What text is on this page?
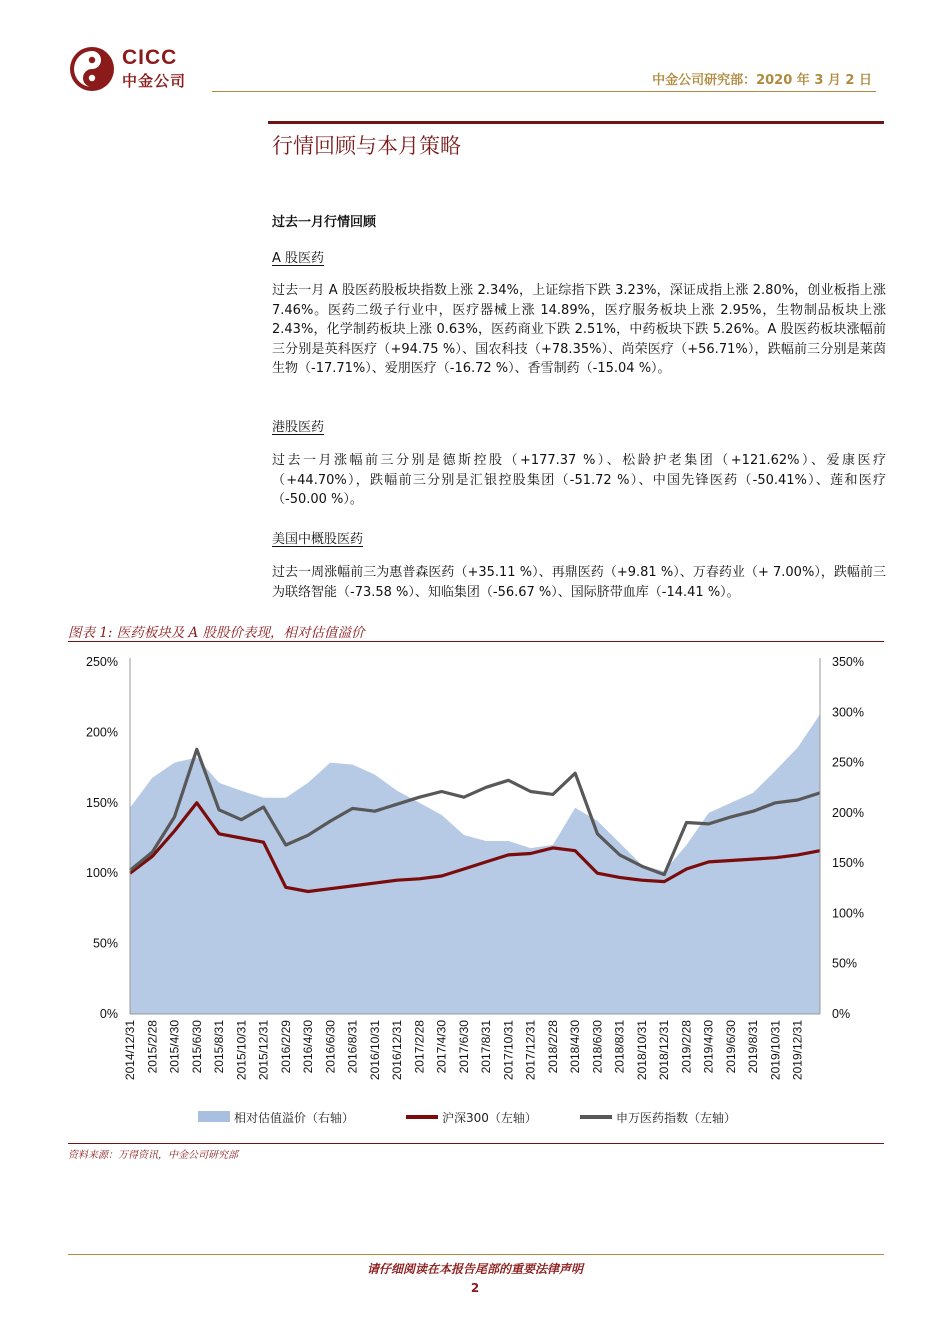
CICC
中金公司	中金公司研究部：2020 年 3 月 2 日
行情回顾与本月策略
过去一月行情回顾
A 股医药
过去一月 A 股医药股板块指数上涨 2.34%，上证综指下跌 3.23%，深证成指上涨 2.80%，创业板指上涨 7.46%。医药二级子行业中，医疗器械上涨 14.89%，医疗服务板块上涨 2.95%，生物制品板块上涨 2.43%，化学制药板块上涨 0.63%，医药商业下跌 2.51%，中药板块下跌 5.26%。A 股医药板块涨幅前三分别是英科医疗（+94.75 %）、国农科技（+78.35%）、尚荣医疗（+56.71%），跌幅前三分别是莱茵生物（-17.71%）、爱朋医疗（-16.72 %）、香雪制药（-15.04 %）。
港股医药
过去一月涨幅前三分别是德斯控股（+177.37 %）、松龄护老集团（+121.62%）、爱康医疗（+44.70%），跌幅前三分别是汇银控股集团（-51.72 %）、中国先锋医药（-50.41%）、莲和医疗（-50.00 %）。
美国中概股医药
过去一周涨幅前三为惠普森医药（+35.11 %）、再鼎医药（+9.81 %）、万春药业（+ 7.00%），跌幅前三为联络智能（-73.58 %）、知临集团（-56.67 %）、国际脐带血库（-14.41 %）。
图表 1: 医药板块及 A 股股价表现，相对估值溢价
0%
50%
100%
150%
200%
250%
0%
50%
100%
150%
200%
250%
300%
350%
2014/12/31 2015/2/28 2015/4/30 2015/6/30 2015/8/31 2015/10/31 2015/12/31 2016/2/29 2016/4/30 2016/6/30 2016/8/31 2016/10/31 2016/12/31 2017/2/28 2017/4/30 2017/6/30 2017/8/31 2017/10/31 2017/12/31 2018/2/28 2018/4/30 2018/6/30 2018/8/31 2018/10/31 2018/12/31 2019/2/28 2019/4/30 2019/6/30 2019/8/31 2019/10/31 2019/12/31
相对估值溢价（右轴）	沪深300（左轴）	申万医药指数（左轴）
资料来源：万得资讯，中金公司研究部
请仔细阅读在本报告尾部的重要法律声明
2
